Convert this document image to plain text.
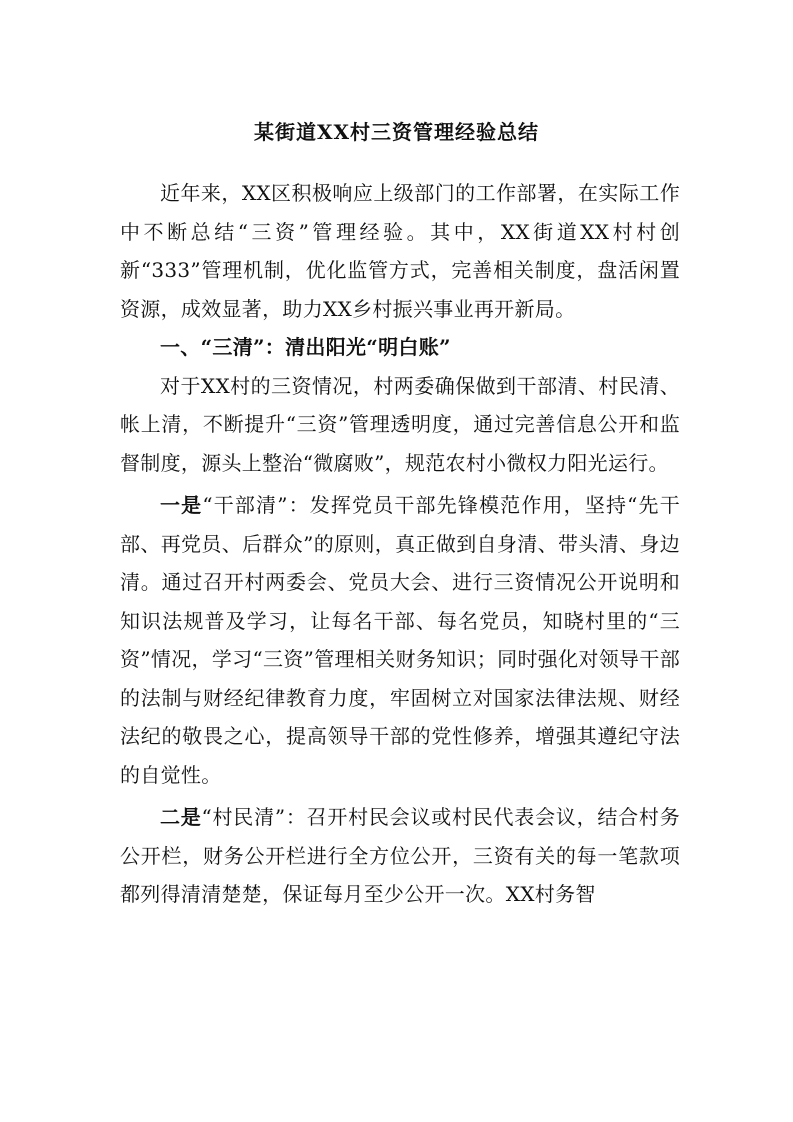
某街道XX村三资管理经验总结

近年来，XX区积极响应上级部门的工作部署，在实际工作中不断总结“三资”管理经验。其中，XX街道XX村村创新“333”管理机制，优化监管方式，完善相关制度，盘活闲置资源，成效显著，助力XX乡村振兴事业再开新局。

一、“三清”：清出阳光“明白账”

对于XX村的三资情况，村两委确保做到干部清、村民清、帐上清，不断提升“三资”管理透明度，通过完善信息公开和监督制度，源头上整治“微腐败”，规范农村小微权力阳光运行。

一是“干部清”：发挥党员干部先锋模范作用，坚持“先干部、再党员、后群众”的原则，真正做到自身清、带头清、身边清。通过召开村两委会、党员大会、进行三资情况公开说明和知识法规普及学习，让每名干部、每名党员，知晓村里的“三资”情况，学习“三资”管理相关财务知识；同时强化对领导干部的法制与财经纪律教育力度，牢固树立对国家法律法规、财经法纪的敬畏之心，提高领导干部的党性修养，增强其遵纪守法的自觉性。

二是“村民清”：召开村民会议或村民代表会议，结合村务公开栏，财务公开栏进行全方位公开，三资有关的每一笔款项都列得清清楚楚，保证每月至少公开一次。XX村务智
